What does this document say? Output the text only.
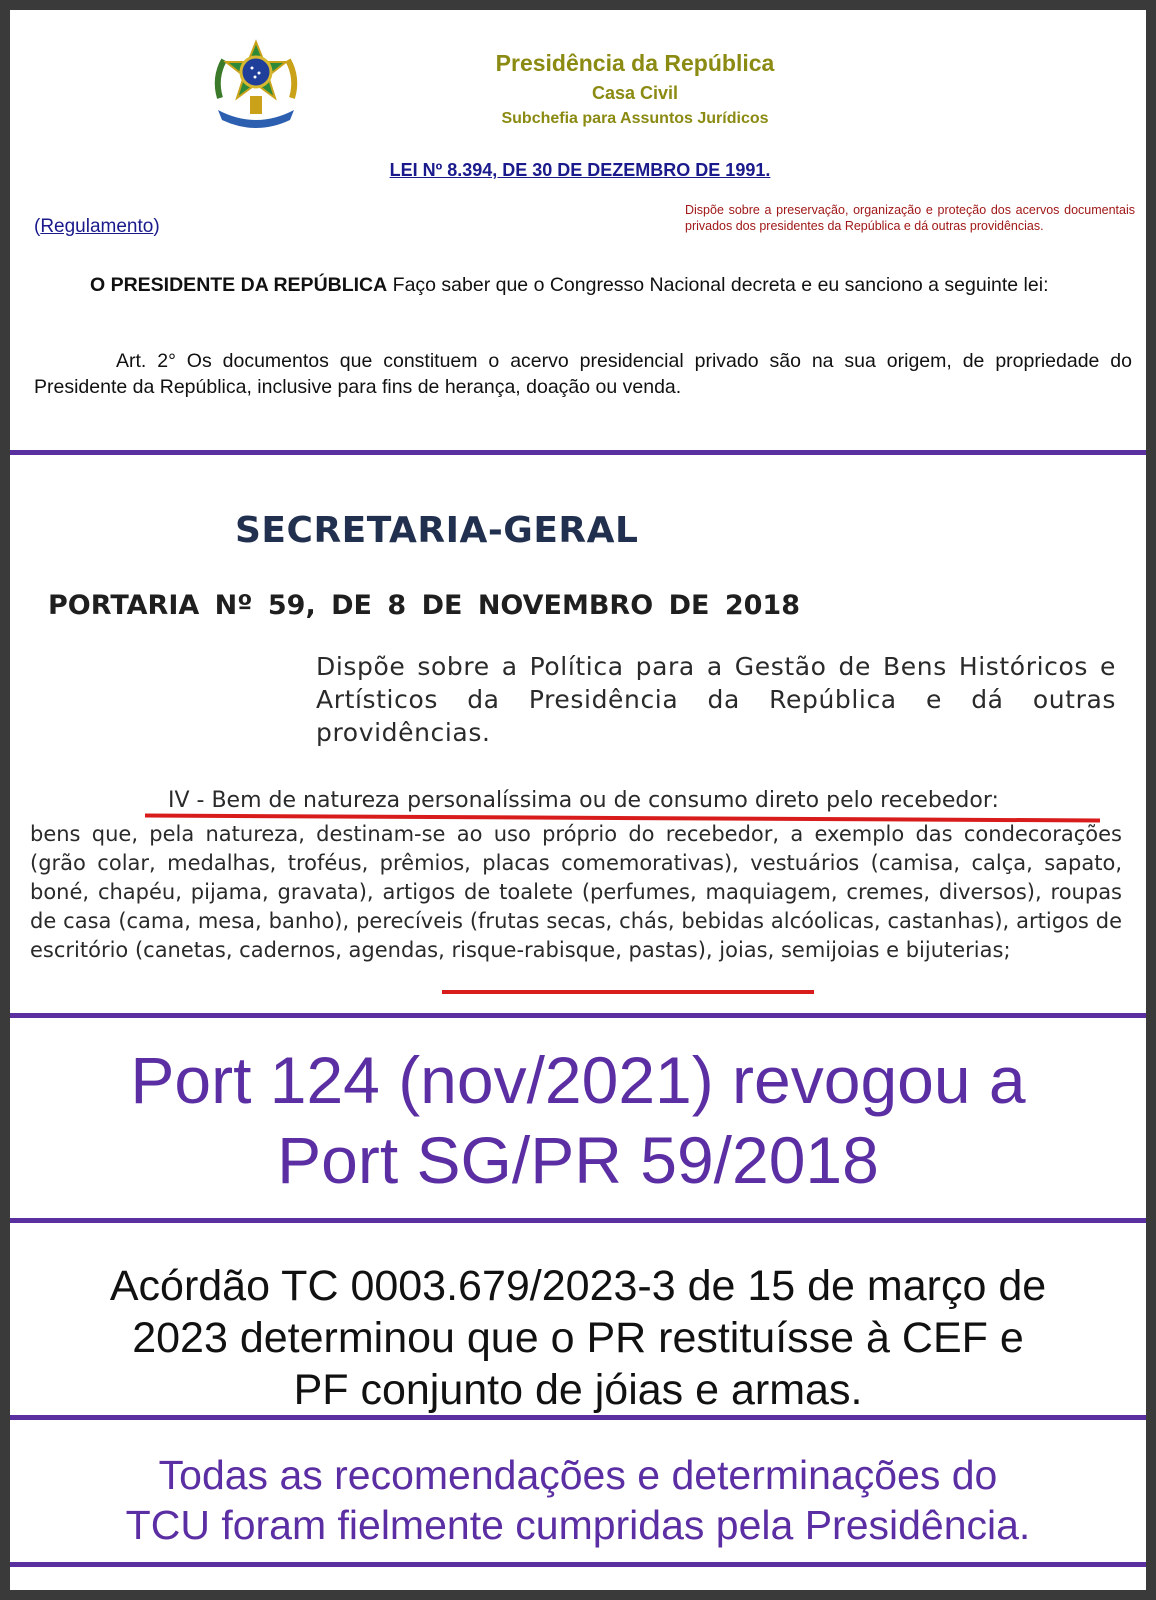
Presidência da República
Casa Civil
Subchefia para Assuntos Jurídicos
LEI Nº 8.394, DE 30 DE DEZEMBRO DE 1991.
(Regulamento)
Dispõe sobre a preservação, organização e proteção dos acervos documentais privados dos presidentes da República e dá outras providências.
O PRESIDENTE DA REPÚBLICA Faço saber que o Congresso Nacional decreta e eu sanciono a seguinte lei:
Art. 2° Os documentos que constituem o acervo presidencial privado são na sua origem, de propriedade do Presidente da República, inclusive para fins de herança, doação ou venda.
SECRETARIA-GERAL
PORTARIA Nº 59, DE 8 DE NOVEMBRO DE 2018
Dispõe sobre a Política para a Gestão de Bens Históricos e Artísticos da Presidência da República e dá outras providências.
IV - Bem de natureza personalíssima ou de consumo direto pelo recebedor:
bens que, pela natureza, destinam-se ao uso próprio do recebedor, a exemplo das condecorações (grão colar, medalhas, troféus, prêmios, placas comemorativas), vestuários (camisa, calça, sapato, boné, chapéu, pijama, gravata), artigos de toalete (perfumes, maquiagem, cremes, diversos), roupas de casa (cama, mesa, banho), perecíveis (frutas secas, chás, bebidas alcóolicas, castanhas), artigos de escritório (canetas, cadernos, agendas, risque-rabisque, pastas), joias, semijoias e bijuterias;
Port 124 (nov/2021) revogou a
Port SG/PR 59/2018
Acórdão TC 0003.679/2023-3 de 15 de março de
2023 determinou que o PR restituísse à CEF e
PF conjunto de jóias e armas.
Todas as recomendações e determinações do
TCU foram fielmente cumpridas pela Presidência.
